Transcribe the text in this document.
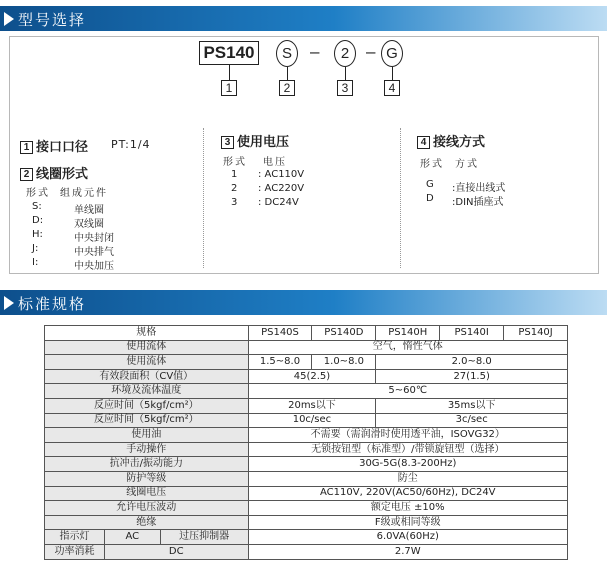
型号选择
PS140	S	–	2 – G
1	2	3	4
1 接口口径 PT:1/4
2 线圈形式
形式 组成元件
S:	单线圈
D:	双线圈
H:	中央封闭
J:	中央排气
I:	中央加压
3 使用电压
形式 电压
1 : AC110V
2 : AC220V
3 : DC24V
4 接线方式
形式 方式
G :直接出线式
D :DIN插座式
标准规格
规格			PS140S	PS140D	PS140H	PS140I	PS140J
使用流体			空气，惰性气体				
使用流体			1.5~8.0	1.0~8.0	2.0~8.0		
有效段面积（CV值）			45(2.5)		27(1.5)		
环境及流体温度			5~60℃				
反应时间（5kgf/cm²）			20ms以下		35ms以下		
反应时间（5kgf/cm²）			10c/sec		3c/sec		
使用油			不需要（需润滑时使用透平油，ISOVG32）				
手动操作			无锁按钮型（标准型）/带锁旋钮型（选择）				
抗冲击/振动能力			30G-5G(8.3-200Hz)				
防护等级			防尘				
线圈电压			AC110V, 220V(AC50/60Hz), DC24V				
允许电压波动			额定电压 ±10%				
绝缘			F级或相同等级				
指示灯	AC	过压抑制器	6.0VA(60Hz)				
功率消耗	DC		2.7W				
